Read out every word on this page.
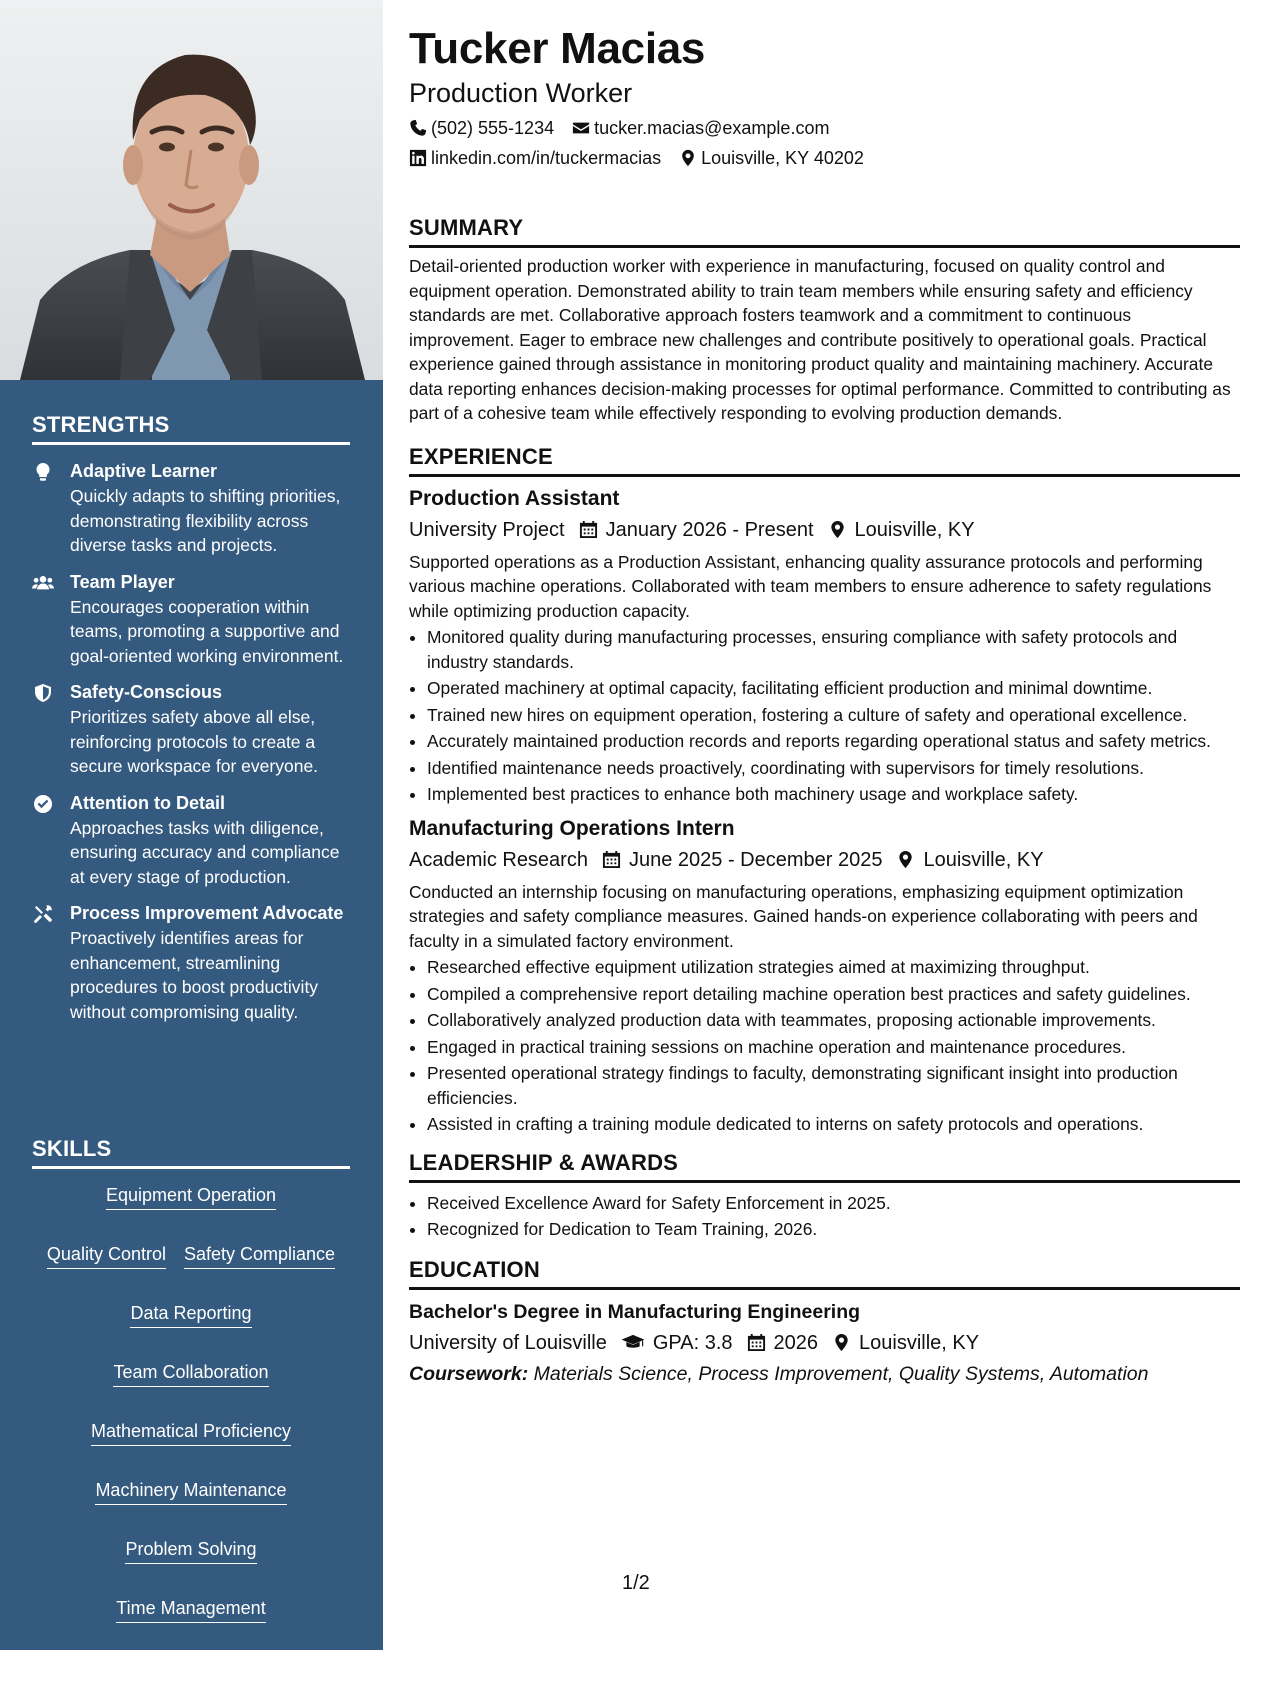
STRENGTHS
Adaptive Learner
Quickly adapts to shifting priorities, demonstrating flexibility across diverse tasks and projects.
Team Player
Encourages cooperation within teams, promoting a supportive and goal-oriented working environment.
Safety-Conscious
Prioritizes safety above all else, reinforcing protocols to create a secure workspace for everyone.
Attention to Detail
Approaches tasks with diligence, ensuring accuracy and compliance at every stage of production.
Process Improvement Advocate
Proactively identifies areas for enhancement, streamlining procedures to boost productivity without compromising quality.
SKILLS
Equipment Operation
Quality Control Safety Compliance
Data Reporting
Team Collaboration
Mathematical Proficiency
Machinery Maintenance
Problem Solving
Time Management
Continuous Improvement
Tucker Macias
Production Worker
(502) 555-1234 tucker.macias@example.com
linkedin.com/in/tuckermacias Louisville, KY 40202
SUMMARY
Detail-oriented production worker with experience in manufacturing, focused on quality control and equipment operation. Demonstrated ability to train team members while ensuring safety and efficiency standards are met. Collaborative approach fosters teamwork and a commitment to continuous improvement. Eager to embrace new challenges and contribute positively to operational goals. Practical experience gained through assistance in monitoring product quality and maintaining machinery. Accurate data reporting enhances decision-making processes for optimal performance. Committed to contributing as part of a cohesive team while effectively responding to evolving production demands.
EXPERIENCE
Production Assistant
University Project January 2026 - Present Louisville, KY
Supported operations as a Production Assistant, enhancing quality assurance protocols and performing various machine operations. Collaborated with team members to ensure adherence to safety regulations while optimizing production capacity.
• Monitored quality during manufacturing processes, ensuring compliance with safety protocols and industry standards.
• Operated machinery at optimal capacity, facilitating efficient production and minimal downtime.
• Trained new hires on equipment operation, fostering a culture of safety and operational excellence.
• Accurately maintained production records and reports regarding operational status and safety metrics.
• Identified maintenance needs proactively, coordinating with supervisors for timely resolutions.
• Implemented best practices to enhance both machinery usage and workplace safety.
Manufacturing Operations Intern
Academic Research June 2025 - December 2025 Louisville, KY
Conducted an internship focusing on manufacturing operations, emphasizing equipment optimization strategies and safety compliance measures. Gained hands-on experience collaborating with peers and faculty in a simulated factory environment.
• Researched effective equipment utilization strategies aimed at maximizing throughput.
• Compiled a comprehensive report detailing machine operation best practices and safety guidelines.
• Collaboratively analyzed production data with teammates, proposing actionable improvements.
• Engaged in practical training sessions on machine operation and maintenance procedures.
• Presented operational strategy findings to faculty, demonstrating significant insight into production efficiencies.
• Assisted in crafting a training module dedicated to interns on safety protocols and operations.
LEADERSHIP & AWARDS
• Received Excellence Award for Safety Enforcement in 2025.
• Recognized for Dedication to Team Training, 2026.
EDUCATION
Bachelor's Degree in Manufacturing Engineering
University of Louisville GPA: 3.8 2026 Louisville, KY
Coursework: Materials Science, Process Improvement, Quality Systems, Automation
1/2
